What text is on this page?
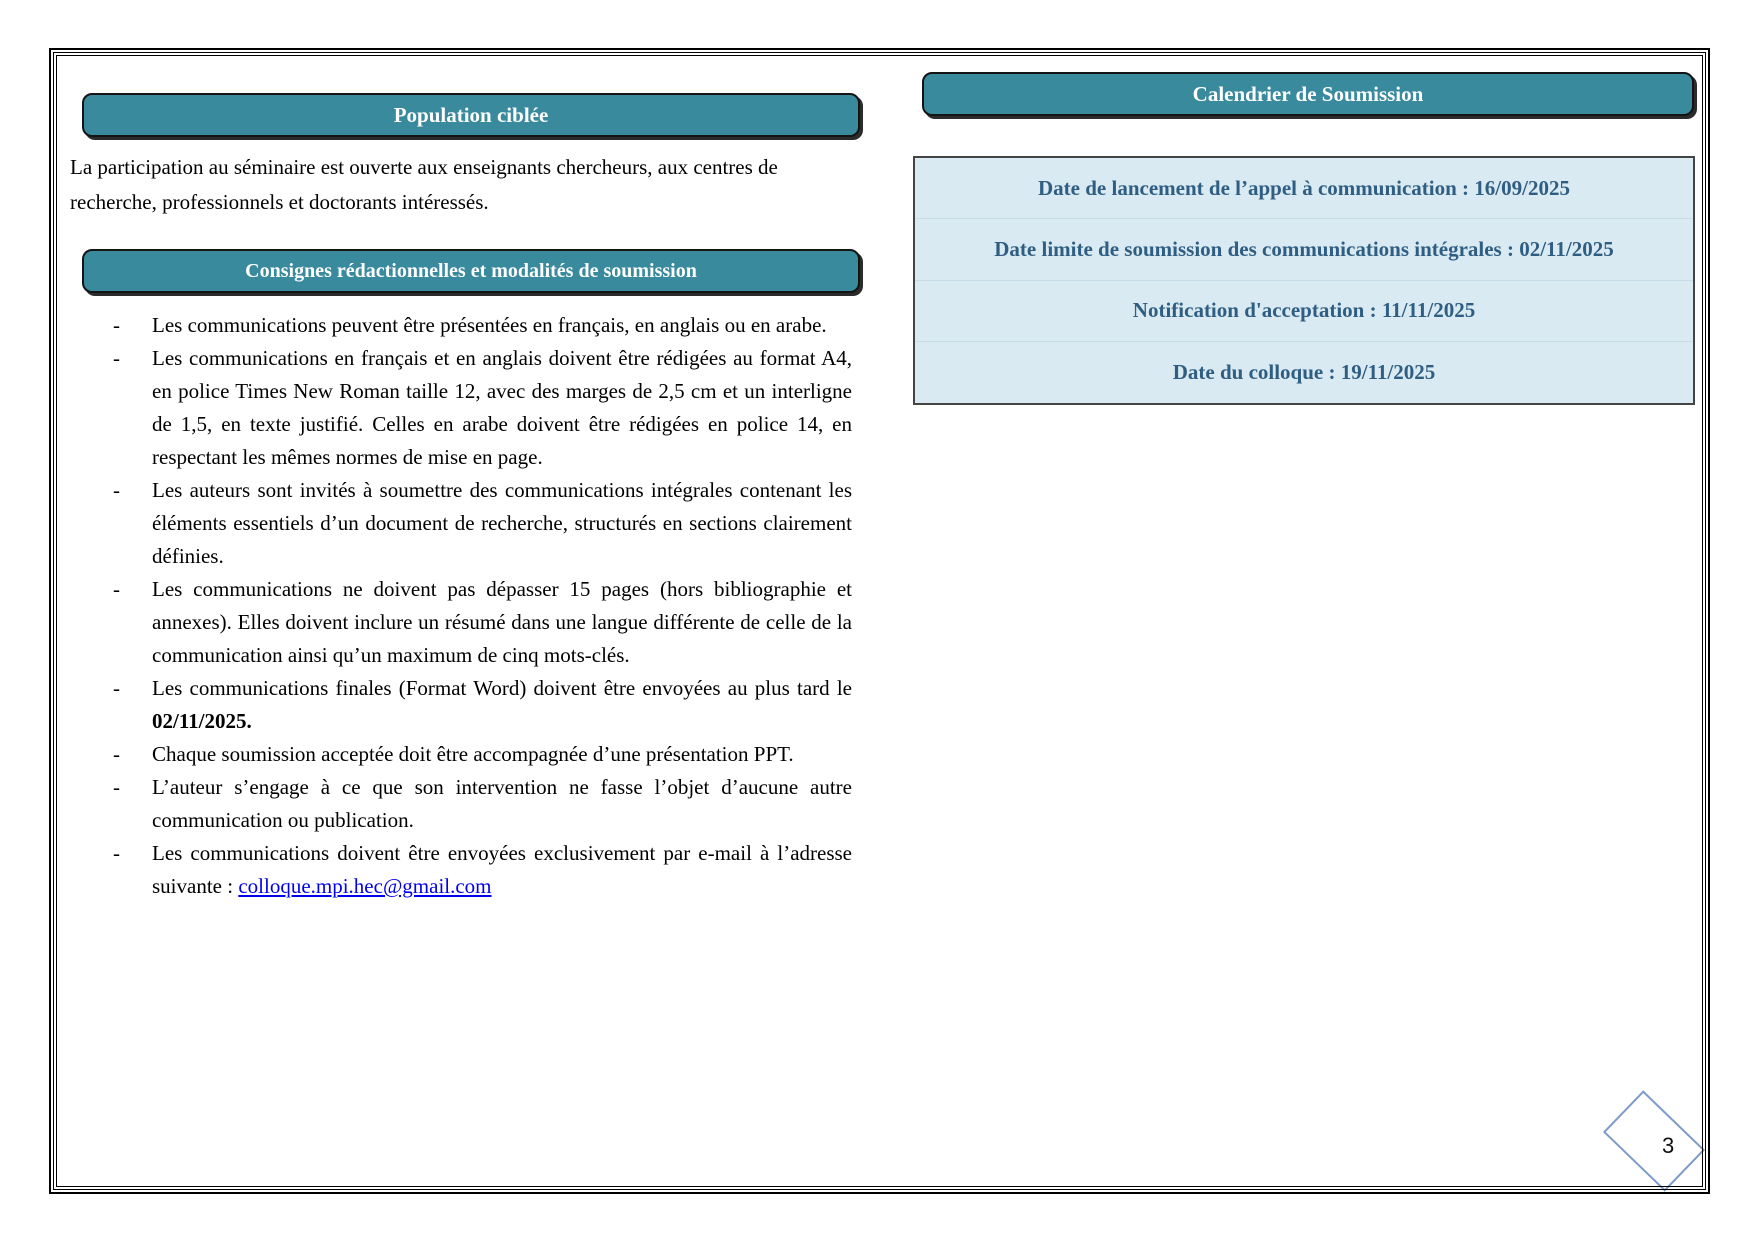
Population ciblée

La participation au séminaire est ouverte aux enseignants chercheurs, aux centres de recherche, professionnels et doctorants intéressés.

Consignes rédactionnelles et modalités de soumission
-	Les communications peuvent être présentées en français, en anglais ou en arabe.
-	Les communications en français et en anglais doivent être rédigées au format A4, en police Times New Roman taille 12, avec des marges de 2,5 cm et un interligne de 1,5, en texte justifié. Celles en arabe doivent être rédigées en police 14, en respectant les mêmes normes de mise en page.
-	Les auteurs sont invités à soumettre des communications intégrales contenant les éléments essentiels d’un document de recherche, structurés en sections clairement définies.
-	Les communications ne doivent pas dépasser 15 pages (hors bibliographie et annexes). Elles doivent inclure un résumé dans une langue différente de celle de la communication ainsi qu’un maximum de cinq mots-clés.
-	Les communications finales (Format Word) doivent être envoyées au plus tard le 02/11/2025.
-	Chaque soumission acceptée doit être accompagnée d’une présentation PPT.
-	L’auteur s’engage à ce que son intervention ne fasse l’objet d’aucune autre communication ou publication.
-	Les communications doivent être envoyées exclusivement par e-mail à l’adresse suivante : colloque.mpi.hec@gmail.com
Calendrier de Soumission
Date de lancement de l’appel à communication : 16/09/2025
Date limite de soumission des communications intégrales : 02/11/2025
Notification d'acceptation : 11/11/2025
Date du colloque : 19/11/2025
3
